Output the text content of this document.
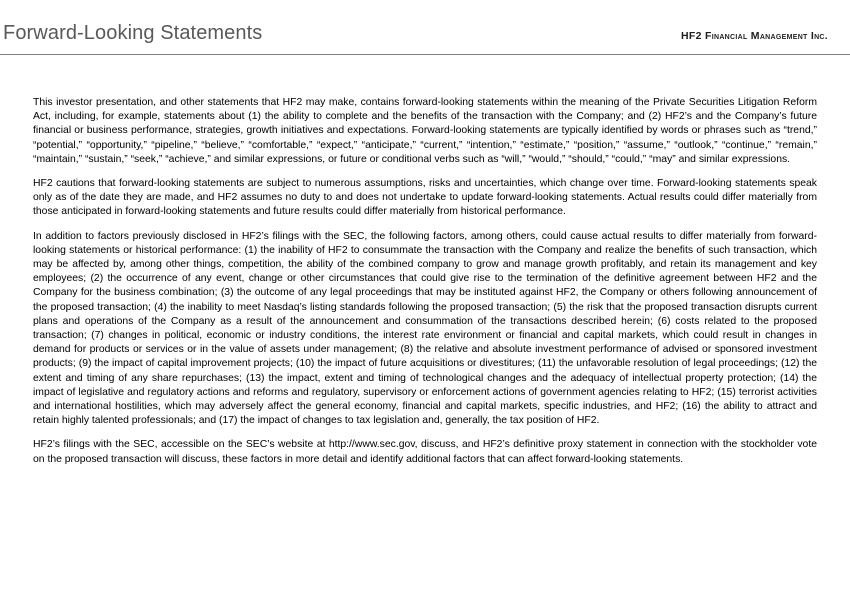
Forward-Looking Statements	HF2 Financial Management Inc.

This investor presentation, and other statements that HF2 may make, contains forward-looking statements within the meaning of the Private Securities Litigation Reform Act, including, for example, statements about (1) the ability to complete and the benefits of the transaction with the Company; and (2) HF2’s and the Company’s future financial or business performance, strategies, growth initiatives and expectations. Forward-looking statements are typically identified by words or phrases such as “trend,” “potential,” “opportunity,” “pipeline,” “believe,” “comfortable,” “expect,” “anticipate,” “current,” “intention,” “estimate,” “position,” “assume,” “outlook,” “continue,” “remain,” “maintain,” “sustain,” “seek,” “achieve,” and similar expressions, or future or conditional verbs such as “will,” “would,” “should,” “could,” “may” and similar expressions.

HF2 cautions that forward-looking statements are subject to numerous assumptions, risks and uncertainties, which change over time. Forward-looking statements speak only as of the date they are made, and HF2 assumes no duty to and does not undertake to update forward-looking statements. Actual results could differ materially from those anticipated in forward-looking statements and future results could differ materially from historical performance.

In addition to factors previously disclosed in HF2’s filings with the SEC, the following factors, among others, could cause actual results to differ materially from forward-looking statements or historical performance: (1) the inability of HF2 to consummate the transaction with the Company and realize the benefits of such transaction, which may be affected by, among other things, competition, the ability of the combined company to grow and manage growth profitably, and retain its management and key employees; (2) the occurrence of any event, change or other circumstances that could give rise to the termination of the definitive agreement between HF2 and the Company for the business combination; (3) the outcome of any legal proceedings that may be instituted against HF2, the Company or others following announcement of the proposed transaction; (4) the inability to meet Nasdaq’s listing standards following the proposed transaction; (5) the risk that the proposed transaction disrupts current plans and operations of the Company as a result of the announcement and consummation of the transactions described herein; (6) costs related to the proposed transaction; (7) changes in political, economic or industry conditions, the interest rate environment or financial and capital markets, which could result in changes in demand for products or services or in the value of assets under management; (8) the relative and absolute investment performance of advised or sponsored investment products; (9) the impact of capital improvement projects; (10) the impact of future acquisitions or divestitures; (11) the unfavorable resolution of legal proceedings; (12) the extent and timing of any share repurchases; (13) the impact, extent and timing of technological changes and the adequacy of intellectual property protection; (14) the impact of legislative and regulatory actions and reforms and regulatory, supervisory or enforcement actions of government agencies relating to HF2; (15) terrorist activities and international hostilities, which may adversely affect the general economy, financial and capital markets, specific industries, and HF2; (16) the ability to attract and retain highly talented professionals; and (17) the impact of changes to tax legislation and, generally, the tax position of HF2.

HF2’s filings with the SEC, accessible on the SEC’s website at http://www.sec.gov, discuss, and HF2’s definitive proxy statement in connection with the stockholder vote on the proposed transaction will discuss, these factors in more detail and identify additional factors that can affect forward-looking statements.
